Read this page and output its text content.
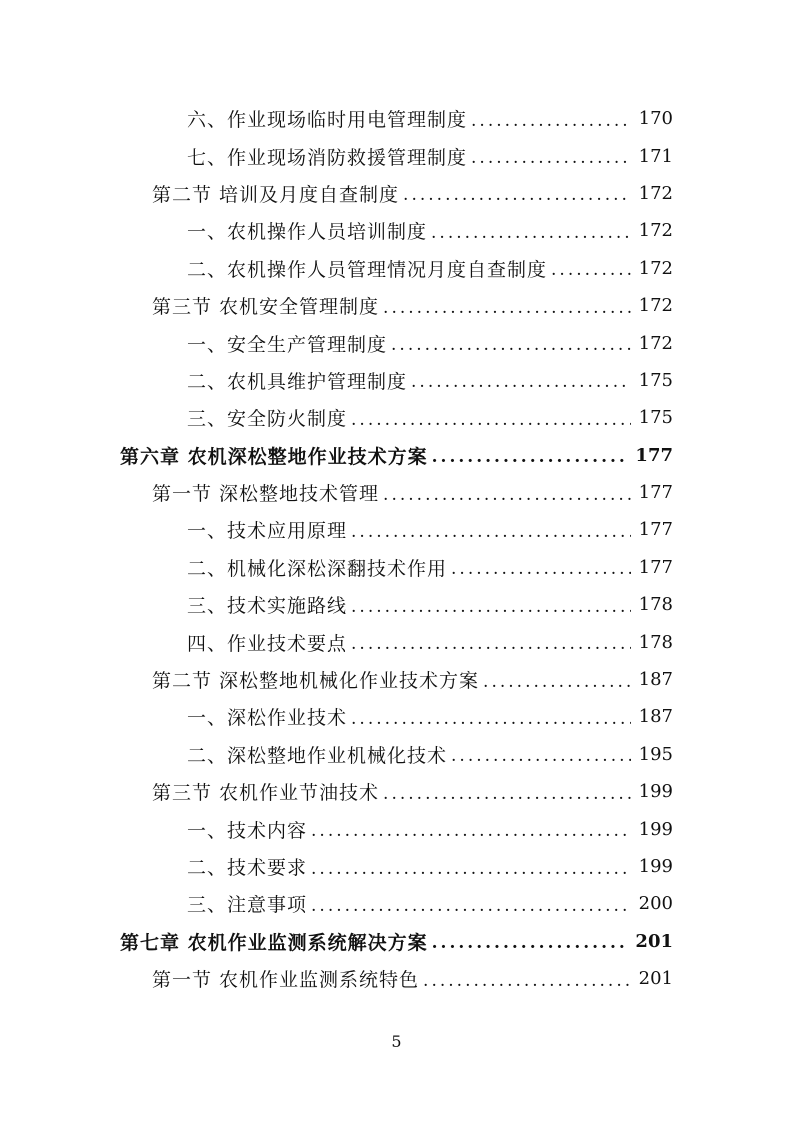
六、作业现场临时用电管理制度 .....	170
七、作业现场消防救援管理制度 .....	171
第二节 培训及月度自查制度 .....	172
一、农机操作人员培训制度 .....	172
二、农机操作人员管理情况月度自查制度 .....	172
第三节 农机安全管理制度 .....	172
一、安全生产管理制度 .....	172
二、农机具维护管理制度 .....	175
三、安全防火制度 .....	175
第六章 农机深松整地作业技术方案 .....	177
第一节 深松整地技术管理 .....	177
一、技术应用原理 .....	177
二、机械化深松深翻技术作用 .....	177
三、技术实施路线 .....	178
四、作业技术要点 .....	178
第二节 深松整地机械化作业技术方案 .....	187
一、深松作业技术 .....	187
二、深松整地作业机械化技术 .....	195
第三节 农机作业节油技术 .....	199
一、技术内容 .....	199
二、技术要求 .....	199
三、注意事项 .....	200
第七章 农机作业监测系统解决方案 .....	201
第一节 农机作业监测系统特色 .....	201
5
